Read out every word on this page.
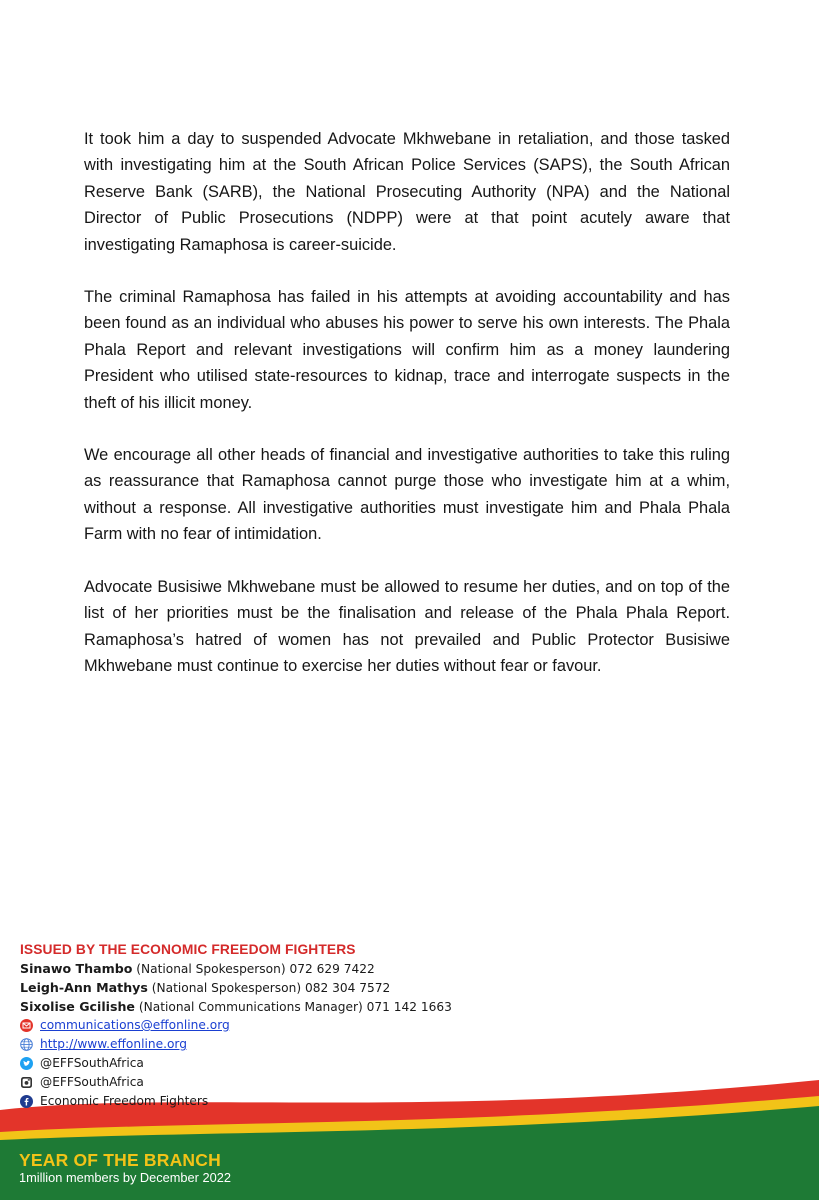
It took him a day to suspended Advocate Mkhwebane in retaliation, and those tasked with investigating him at the South African Police Services (SAPS), the South African Reserve Bank (SARB), the National Prosecuting Authority (NPA) and the National Director of Public Prosecutions (NDPP) were at that point acutely aware that investigating Ramaphosa is career-suicide.

The criminal Ramaphosa has failed in his attempts at avoiding accountability and has been found as an individual who abuses his power to serve his own interests. The Phala Phala Report and relevant investigations will confirm him as a money laundering President who utilised state-resources to kidnap, trace and interrogate suspects in the theft of his illicit money.

We encourage all other heads of financial and investigative authorities to take this ruling as reassurance that Ramaphosa cannot purge those who investigate him at a whim, without a response. All investigative authorities must investigate him and Phala Phala Farm with no fear of intimidation.

Advocate Busisiwe Mkhwebane must be allowed to resume her duties, and on top of the list of her priorities must be the finalisation and release of the Phala Phala Report. Ramaphosa’s hatred of women has not prevailed and Public Protector Busisiwe Mkhwebane must continue to exercise her duties without fear or favour.

ISSUED BY THE ECONOMIC FREEDOM FIGHTERS
Sinawo Thambo (National Spokesperson) 072 629 7422
Leigh-Ann Mathys (National Spokesperson) 082 304 7572
Sixolise Gcilishe (National Communications Manager) 071 142 1663
communications@effonline.org
http://www.effonline.org
@EFFSouthAfrica
@EFFSouthAfrica
Economic Freedom Fighters
YEAR OF THE BRANCH
1million members by December 2022
